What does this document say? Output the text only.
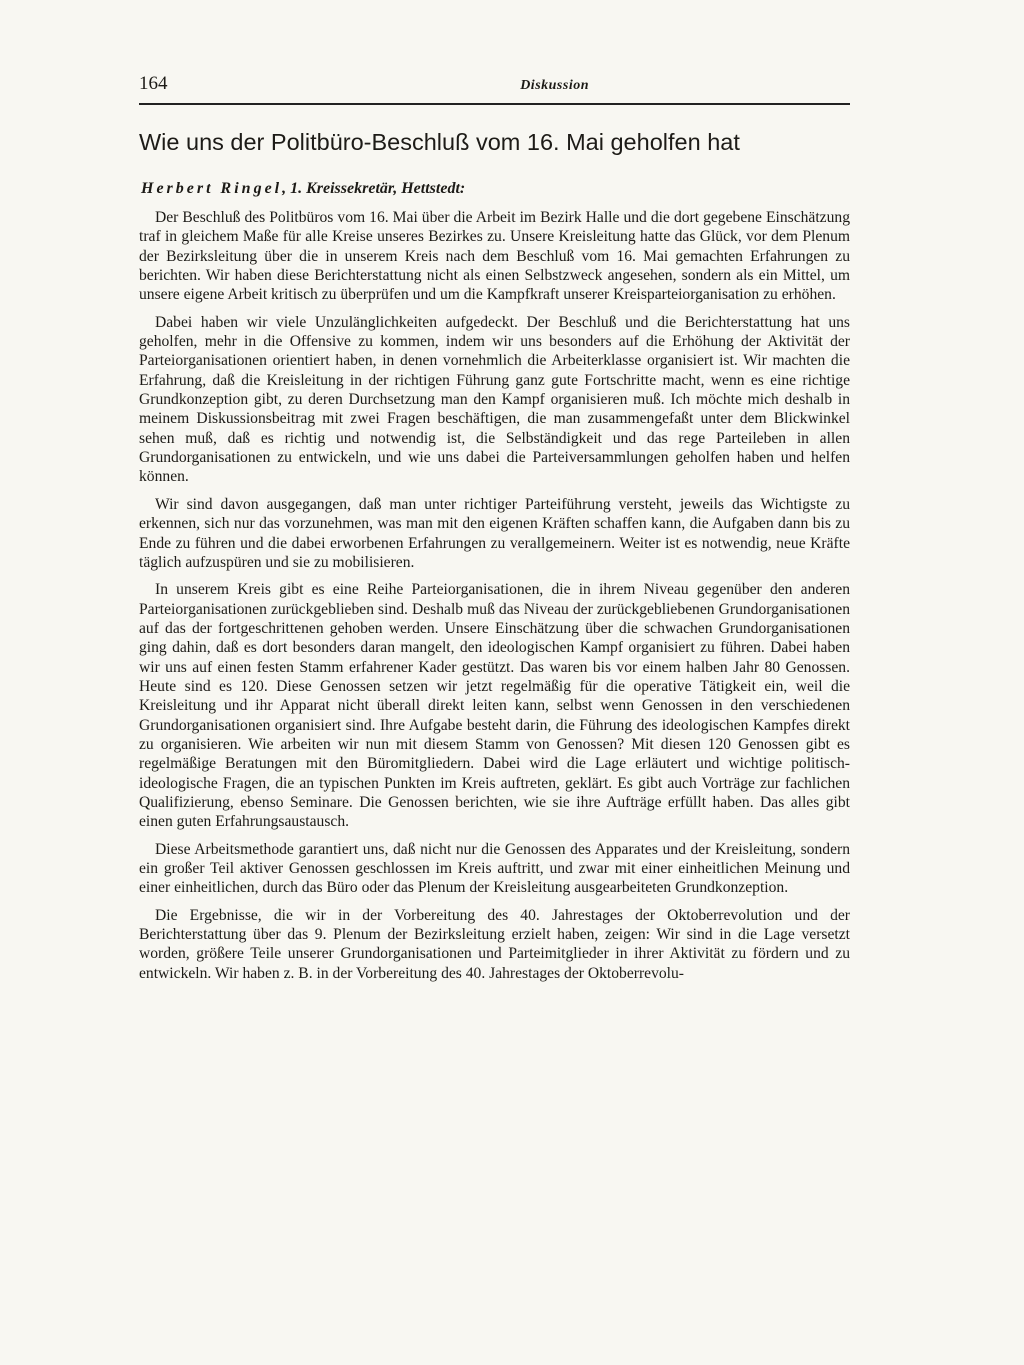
164	Diskussion
Wie uns der Politbüro-Beschluß vom 16. Mai geholfen hat
Herbert Ringel, 1. Kreissekretär, Hettstedt:

Der Beschluß des Politbüros vom 16. Mai über die Arbeit im Bezirk Halle und die dort gegebene Einschätzung traf in gleichem Maße für alle Kreise unseres Bezirkes zu. Unsere Kreisleitung hatte das Glück, vor dem Plenum der Bezirksleitung über die in unserem Kreis nach dem Beschluß vom 16. Mai gemachten Erfahrungen zu berichten. Wir haben diese Berichterstattung nicht als einen Selbstzweck angesehen, sondern als ein Mittel, um unsere eigene Arbeit kritisch zu überprüfen und um die Kampfkraft unserer Kreisparteiorganisation zu erhöhen.

Dabei haben wir viele Unzulänglichkeiten aufgedeckt. Der Beschluß und die Berichterstattung hat uns geholfen, mehr in die Offensive zu kommen, indem wir uns besonders auf die Erhöhung der Aktivität der Parteiorganisationen orientiert haben, in denen vornehmlich die Arbeiterklasse organisiert ist. Wir machten die Erfahrung, daß die Kreisleitung in der richtigen Führung ganz gute Fortschritte macht, wenn es eine richtige Grundkonzeption gibt, zu deren Durchsetzung man den Kampf organisieren muß. Ich möchte mich deshalb in meinem Diskussionsbeitrag mit zwei Fragen beschäftigen, die man zusammengefaßt unter dem Blickwinkel sehen muß, daß es richtig und notwendig ist, die Selbständigkeit und das rege Parteileben in allen Grundorganisationen zu entwickeln, und wie uns dabei die Parteiversammlungen geholfen haben und helfen können.

Wir sind davon ausgegangen, daß man unter richtiger Parteiführung versteht, jeweils das Wichtigste zu erkennen, sich nur das vorzunehmen, was man mit den eigenen Kräften schaffen kann, die Aufgaben dann bis zu Ende zu führen und die dabei erworbenen Erfahrungen zu verallgemeinern. Weiter ist es notwendig, neue Kräfte täglich aufzuspüren und sie zu mobilisieren.

In unserem Kreis gibt es eine Reihe Parteiorganisationen, die in ihrem Niveau gegenüber den anderen Parteiorganisationen zurückgeblieben sind. Deshalb muß das Niveau der zurückgebliebenen Grundorganisationen auf das der fortgeschrittenen gehoben werden. Unsere Einschätzung über die schwachen Grundorganisationen ging dahin, daß es dort besonders daran mangelt, den ideologischen Kampf organisiert zu führen. Dabei haben wir uns auf einen festen Stamm erfahrener Kader gestützt. Das waren bis vor einem halben Jahr 80 Genossen. Heute sind es 120. Diese Genossen setzen wir jetzt regelmäßig für die operative Tätigkeit ein, weil die Kreisleitung und ihr Apparat nicht überall direkt leiten kann, selbst wenn Genossen in den verschiedenen Grundorganisationen organisiert sind. Ihre Aufgabe besteht darin, die Führung des ideologischen Kampfes direkt zu organisieren. Wie arbeiten wir nun mit diesem Stamm von Genossen? Mit diesen 120 Genossen gibt es regelmäßige Beratungen mit den Büromitgliedern. Dabei wird die Lage erläutert und wichtige politisch-ideologische Fragen, die an typischen Punkten im Kreis auftreten, geklärt. Es gibt auch Vorträge zur fachlichen Qualifizierung, ebenso Seminare. Die Genossen berichten, wie sie ihre Aufträge erfüllt haben. Das alles gibt einen guten Erfahrungsaustausch.

Diese Arbeitsmethode garantiert uns, daß nicht nur die Genossen des Apparates und der Kreisleitung, sondern ein großer Teil aktiver Genossen geschlossen im Kreis auftritt, und zwar mit einer einheitlichen Meinung und einer einheitlichen, durch das Büro oder das Plenum der Kreisleitung ausgearbeiteten Grundkonzeption.

Die Ergebnisse, die wir in der Vorbereitung des 40. Jahrestages der Oktoberrevolution und der Berichterstattung über das 9. Plenum der Bezirksleitung erzielt haben, zeigen: Wir sind in die Lage versetzt worden, größere Teile unserer Grundorganisationen und Parteimitglieder in ihrer Aktivität zu fördern und zu entwickeln. Wir haben z. B. in der Vorbereitung des 40. Jahrestages der Oktoberrevolu-
